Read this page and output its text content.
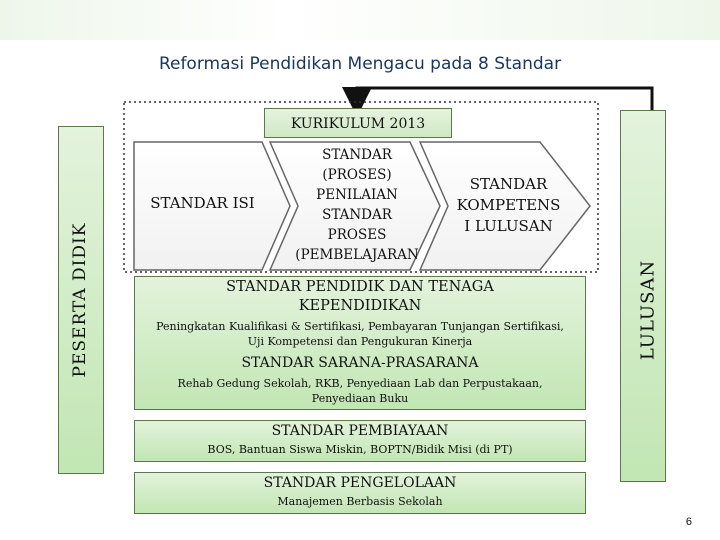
Reformasi Pendidikan Mengacu pada 8 Standar
PESERTA DIDIK	LULUSAN
KURIKULUM 2013
STANDAR ISI
STANDAR
(PROSES)
PENILAIAN
STANDAR
PROSES
(PEMBELAJARAN
STANDAR
KOMPETENS
I LULUSAN
STANDAR PENDIDIK DAN TENAGA
KEPENDIDIKAN
Peningkatan Kualifikasi & Sertifikasi, Pembayaran Tunjangan Sertifikasi,
Uji Kompetensi dan Pengukuran Kinerja
STANDAR SARANA-PRASARANA
Rehab Gedung Sekolah, RKB, Penyediaan Lab dan Perpustakaan,
Penyediaan Buku
STANDAR PEMBIAYAAN
BOS, Bantuan Siswa Miskin, BOPTN/Bidik Misi (di PT)
STANDAR PENGELOLAAN
Manajemen Berbasis Sekolah
6
